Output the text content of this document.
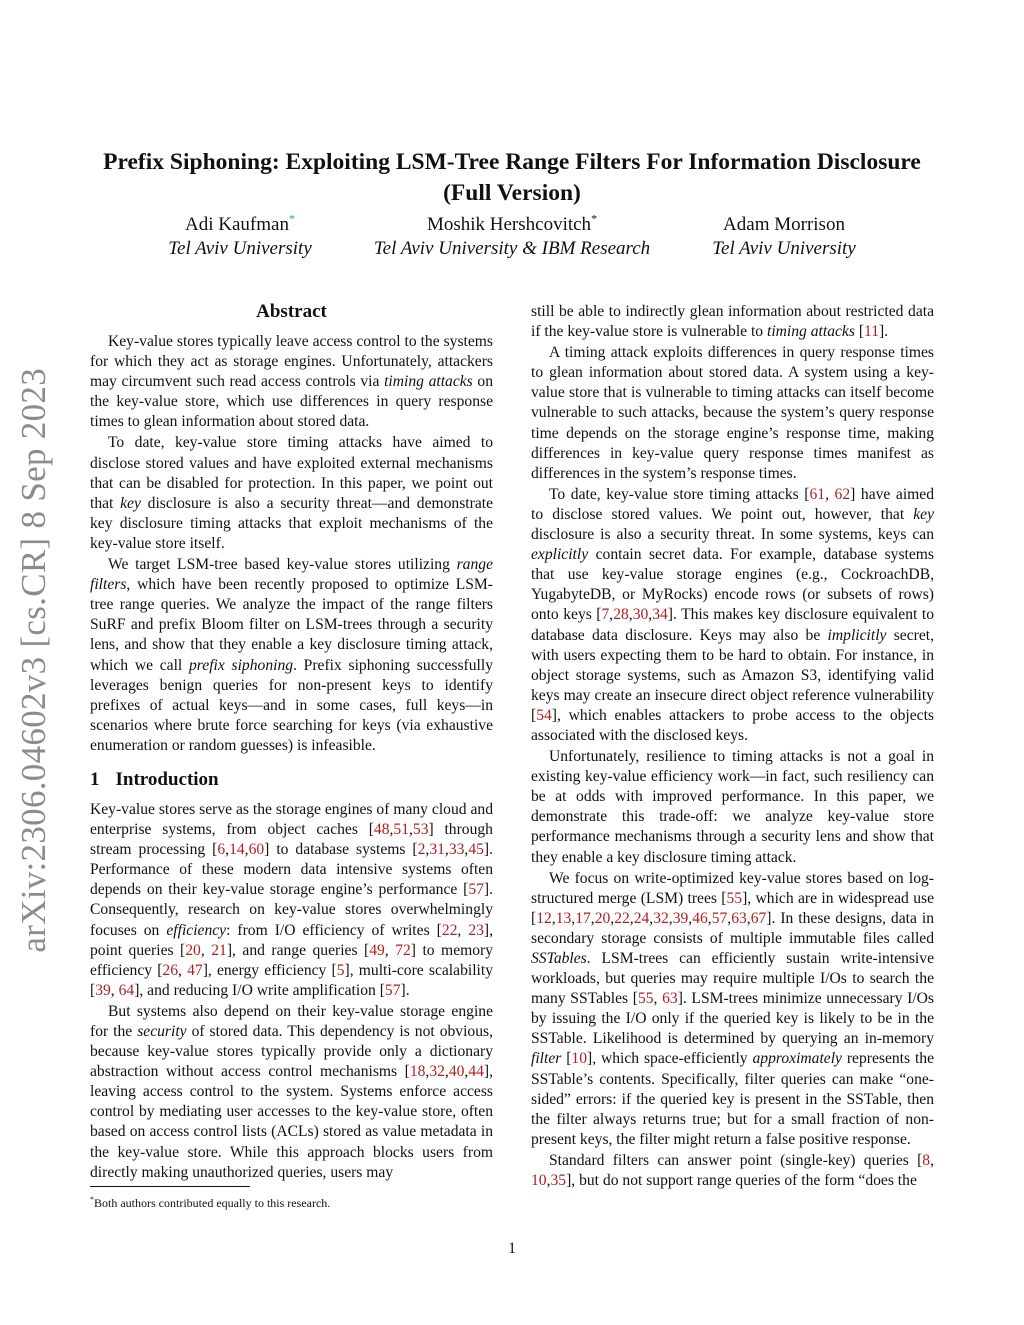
arXiv:2306.04602v3 [cs.CR] 8 Sep 2023
Prefix Siphoning: Exploiting LSM-Tree Range Filters For Information Disclosure
(Full Version)
Adi Kaufman*
Tel Aviv University
Moshik Hershcovitch*
Tel Aviv University & IBM Research
Adam Morrison
Tel Aviv University
Abstract

Key-value stores typically leave access control to the systems for which they act as storage engines. Unfortunately, attackers may circumvent such read access controls via timing attacks on the key-value store, which use differences in query response times to glean information about stored data.

To date, key-value store timing attacks have aimed to disclose stored values and have exploited external mechanisms that can be disabled for protection. In this paper, we point out that key disclosure is also a security threat—and demonstrate key disclosure timing attacks that exploit mechanisms of the key-value store itself.

We target LSM-tree based key-value stores utilizing range filters, which have been recently proposed to optimize LSM-tree range queries. We analyze the impact of the range filters SuRF and prefix Bloom filter on LSM-trees through a security lens, and show that they enable a key disclosure timing attack, which we call prefix siphoning. Prefix siphoning successfully leverages benign queries for non-present keys to identify prefixes of actual keys—and in some cases, full keys—in scenarios where brute force searching for keys (via exhaustive enumeration or random guesses) is infeasible.

1 Introduction

Key-value stores serve as the storage engines of many cloud and enterprise systems, from object caches [48,51,53] through stream processing [6,14,60] to database systems [2,31,33,45]. Performance of these modern data intensive systems often depends on their key-value storage engine’s performance [57]. Consequently, research on key-value stores overwhelmingly focuses on efficiency: from I/O efficiency of writes [22, 23], point queries [20, 21], and range queries [49, 72] to memory efficiency [26, 47], energy efficiency [5], multi-core scalability [39, 64], and reducing I/O write amplification [57].

But systems also depend on their key-value storage engine for the security of stored data. This dependency is not obvious, because key-value stores typically provide only a dictionary abstraction without access control mechanisms [18,32,40,44], leaving access control to the system. Systems enforce access control by mediating user accesses to the key-value store, often based on access control lists (ACLs) stored as value metadata in the key-value store. While this approach blocks users from directly making unauthorized queries, users may

still be able to indirectly glean information about restricted data if the key-value store is vulnerable to timing attacks [11].

A timing attack exploits differences in query response times to glean information about stored data. A system using a key-value store that is vulnerable to timing attacks can itself become vulnerable to such attacks, because the system’s query response time depends on the storage engine’s response time, making differences in key-value query response times manifest as differences in the system’s response times.

To date, key-value store timing attacks [61, 62] have aimed to disclose stored values. We point out, however, that key disclosure is also a security threat. In some systems, keys can explicitly contain secret data. For example, database systems that use key-value storage engines (e.g., CockroachDB, YugabyteDB, or MyRocks) encode rows (or subsets of rows) onto keys [7,28,30,34]. This makes key disclosure equivalent to database data disclosure. Keys may also be implicitly secret, with users expecting them to be hard to obtain. For instance, in object storage systems, such as Amazon S3, identifying valid keys may create an insecure direct object reference vulnerability [54], which enables attackers to probe access to the objects associated with the disclosed keys.

Unfortunately, resilience to timing attacks is not a goal in existing key-value efficiency work—in fact, such resiliency can be at odds with improved performance. In this paper, we demonstrate this trade-off: we analyze key-value store performance mechanisms through a security lens and show that they enable a key disclosure timing attack.

We focus on write-optimized key-value stores based on log-structured merge (LSM) trees [55], which are in widespread use [12,13,17,20,22,24,32,39,46,57,63,67]. In these designs, data in secondary storage consists of multiple immutable files called SSTables. LSM-trees can efficiently sustain write-intensive workloads, but queries may require multiple I/Os to search the many SSTables [55, 63]. LSM-trees minimize unnecessary I/Os by issuing the I/O only if the queried key is likely to be in the SSTable. Likelihood is determined by querying an in-memory filter [10], which space-efficiently approximately represents the SSTable’s contents. Specifically, filter queries can make “one-sided” errors: if the queried key is present in the SSTable, then the filter always returns true; but for a small fraction of non-present keys, the filter might return a false positive response.

Standard filters can answer point (single-key) queries [8, 10,35], but do not support range queries of the form “does the

*Both authors contributed equally to this research.
1
